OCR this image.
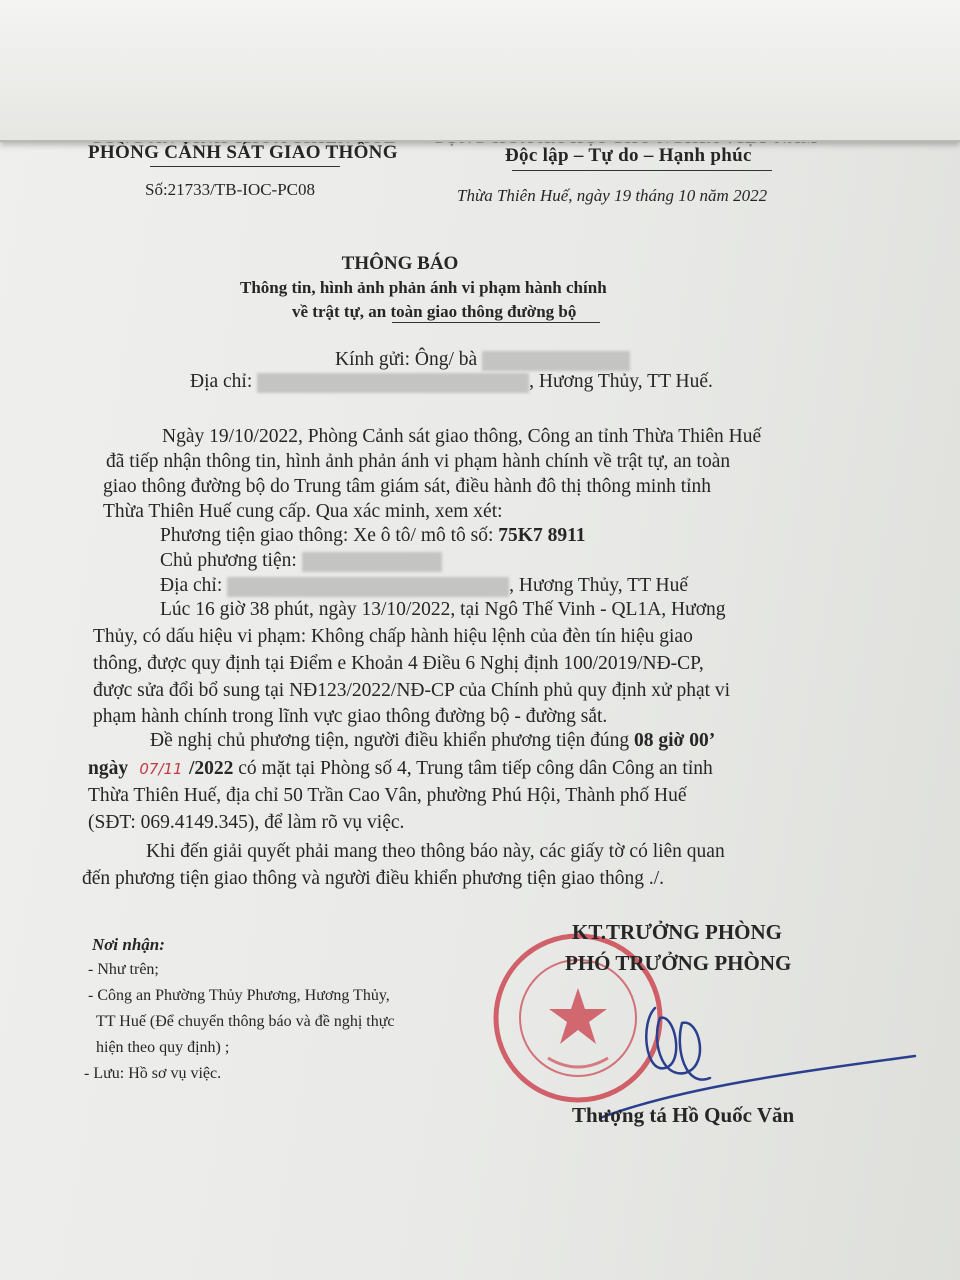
PHÒNG CẢNH SÁT GIAO THÔNG	Độc lập – Tự do – Hạnh phúc
Số:21733/TB-IOC-PC08	Thừa Thiên Huế, ngày 19 tháng 10 năm 2022
THÔNG BÁO
Thông tin, hình ảnh phản ánh vi phạm hành chính
về trật tự, an toàn giao thông đường bộ
Kính gửi: Ông/ bà
Địa chỉ:	, Hương Thủy, TT Huế.
Ngày 19/10/2022, Phòng Cảnh sát giao thông, Công an tỉnh Thừa Thiên Huế
đã tiếp nhận thông tin, hình ảnh phản ánh vi phạm hành chính về trật tự, an toàn
giao thông đường bộ do Trung tâm giám sát, điều hành đô thị thông minh tỉnh
Thừa Thiên Huế cung cấp. Qua xác minh, xem xét:
Phương tiện giao thông: Xe ô tô/ mô tô số: 75K7 8911
Chủ phương tiện:
Địa chỉ:	, Hương Thủy, TT Huế
Lúc 16 giờ 38 phút, ngày 13/10/2022, tại Ngô Thế Vinh - QL1A, Hương
Thủy, có dấu hiệu vi phạm: Không chấp hành hiệu lệnh của đèn tín hiệu giao
thông, được quy định tại Điểm e Khoản 4 Điều 6 Nghị định 100/2019/NĐ-CP,
được sửa đổi bổ sung tại NĐ123/2022/NĐ-CP của Chính phủ quy định xử phạt vi
phạm hành chính trong lĩnh vực giao thông đường bộ - đường sắt.
Đề nghị chủ phương tiện, người điều khiển phương tiện đúng 08 giờ 00’
ngày 07/11 /2022 có mặt tại Phòng số 4, Trung tâm tiếp công dân Công an tỉnh
Thừa Thiên Huế, địa chỉ 50 Trần Cao Vân, phường Phú Hội, Thành phố Huế
(SĐT: 069.4149.345), để làm rõ vụ việc.
Khi đến giải quyết phải mang theo thông báo này, các giấy tờ có liên quan
đến phương tiện giao thông và người điều khiển phương tiện giao thông ./.
Nơi nhận:
- Như trên;
- Công an Phường Thủy Phương, Hương Thủy,
TT Huế (Để chuyển thông báo và đề nghị thực
hiện theo quy định) ;
- Lưu: Hồ sơ vụ việc.
KT.TRƯỞNG PHÒNG
PHÓ TRƯỞNG PHÒNG
Thượng tá Hồ Quốc Văn
